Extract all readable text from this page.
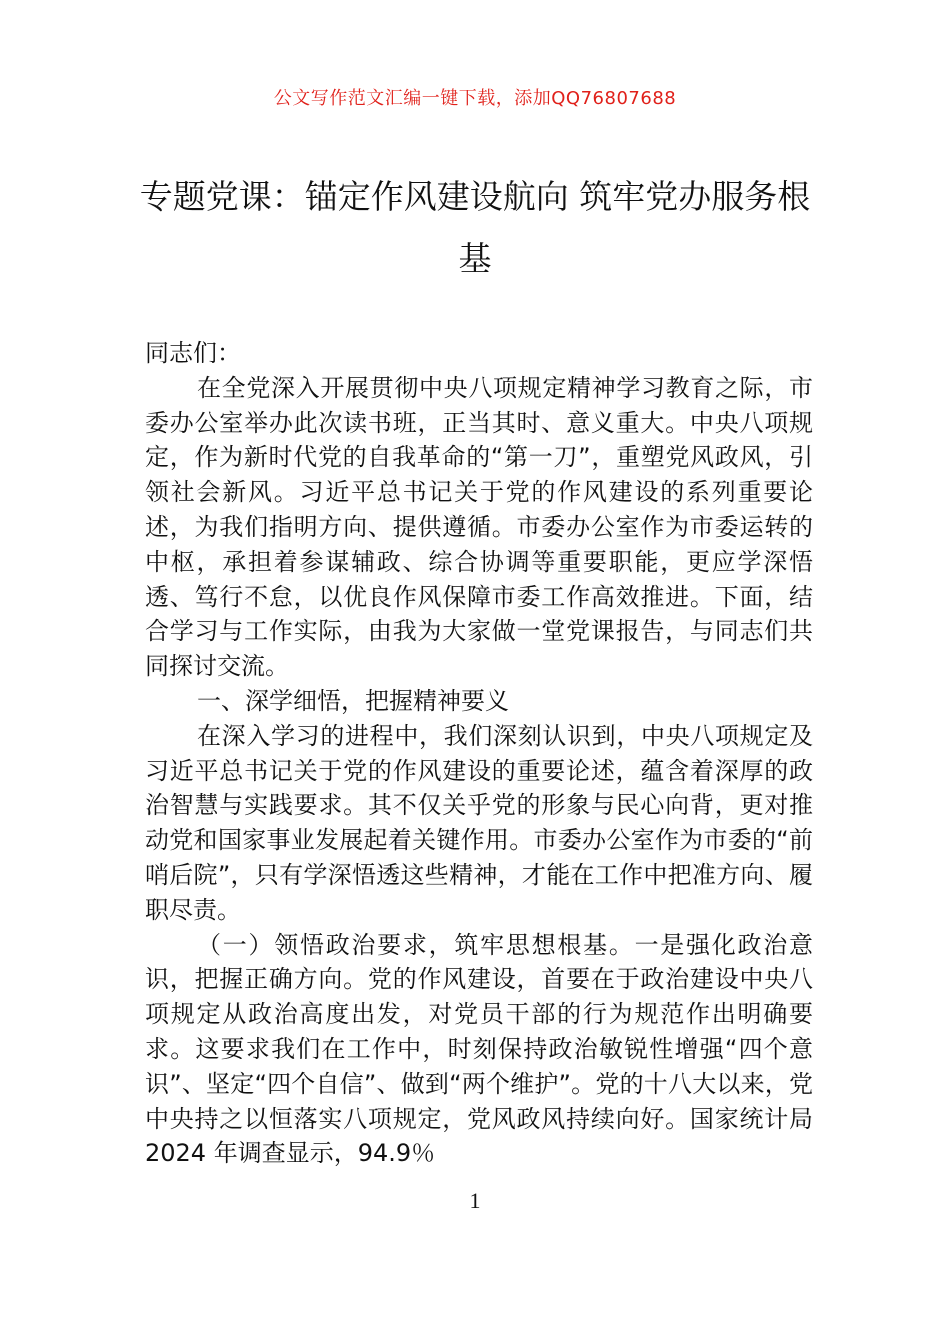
公文写作范文汇编一键下载，添加QQ76807688
专题党课：锚定作风建设航向 筑牢党办服务根基

同志们：

在全党深入开展贯彻中央八项规定精神学习教育之际，市委办公室举办此次读书班，正当其时、意义重大。中央八项规定，作为新时代党的自我革命的“第一刀”，重塑党风政风，引领社会新风。习近平总书记关于党的作风建设的系列重要论述，为我们指明方向、提供遵循。市委办公室作为市委运转的中枢，承担着参谋辅政、综合协调等重要职能，更应学深悟透、笃行不怠，以优良作风保障市委工作高效推进。下面，结合学习与工作实际，由我为大家做一堂党课报告，与同志们共同探讨交流。

一、深学细悟，把握精神要义

在深入学习的进程中，我们深刻认识到，中央八项规定及习近平总书记关于党的作风建设的重要论述，蕴含着深厚的政治智慧与实践要求。其不仅关乎党的形象与民心向背，更对推动党和国家事业发展起着关键作用。市委办公室作为市委的“前哨后院”，只有学深悟透这些精神，才能在工作中把准方向、履职尽责。

（一）领悟政治要求，筑牢思想根基。一是强化政治意识，把握正确方向。党的作风建设，首要在于政治建设中央八项规定从政治高度出发，对党员干部的行为规范作出明确要求。这要求我们在工作中，时刻保持政治敏锐性增强“四个意识”、坚定“四个自信”、做到“两个维护”。党的十八大以来，党中央持之以恒落实八项规定，党风政风持续向好。国家统计局 2024 年调查显示，94.9％

1
